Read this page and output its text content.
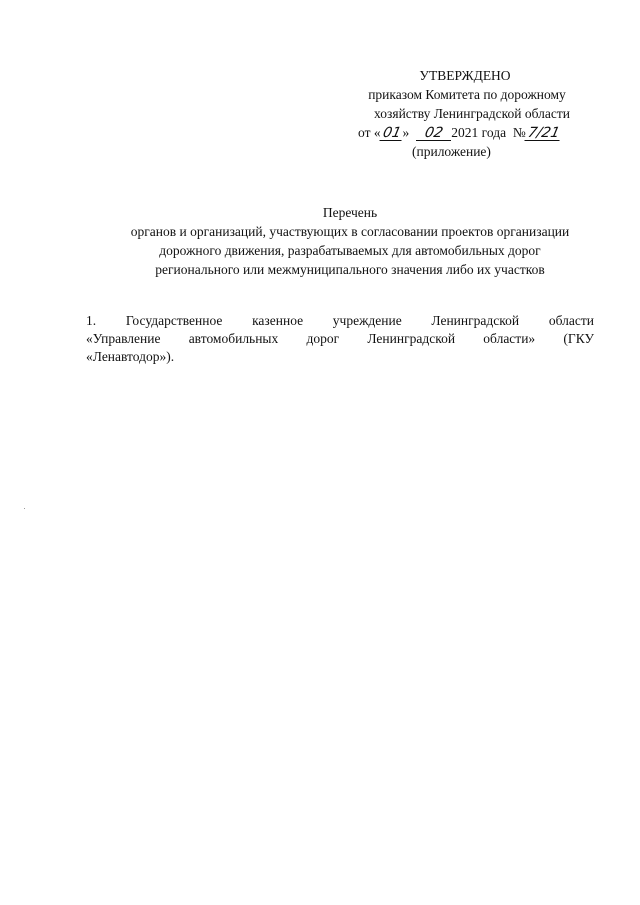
УТВЕРЖДЕНО
приказом Комитета по дорожному
хозяйству Ленинградской области
от «01» 02 2021 года №7/21
(приложение)
Перечень
органов и организаций, участвующих в согласовании проектов организации
дорожного движения, разрабатываемых для автомобильных дорог
регионального или межмуниципального значения либо их участков
1. Государственное казенное учреждение Ленинградской области
«Управление автомобильных дорог Ленинградской области» (ГКУ
«Ленавтодор»).
